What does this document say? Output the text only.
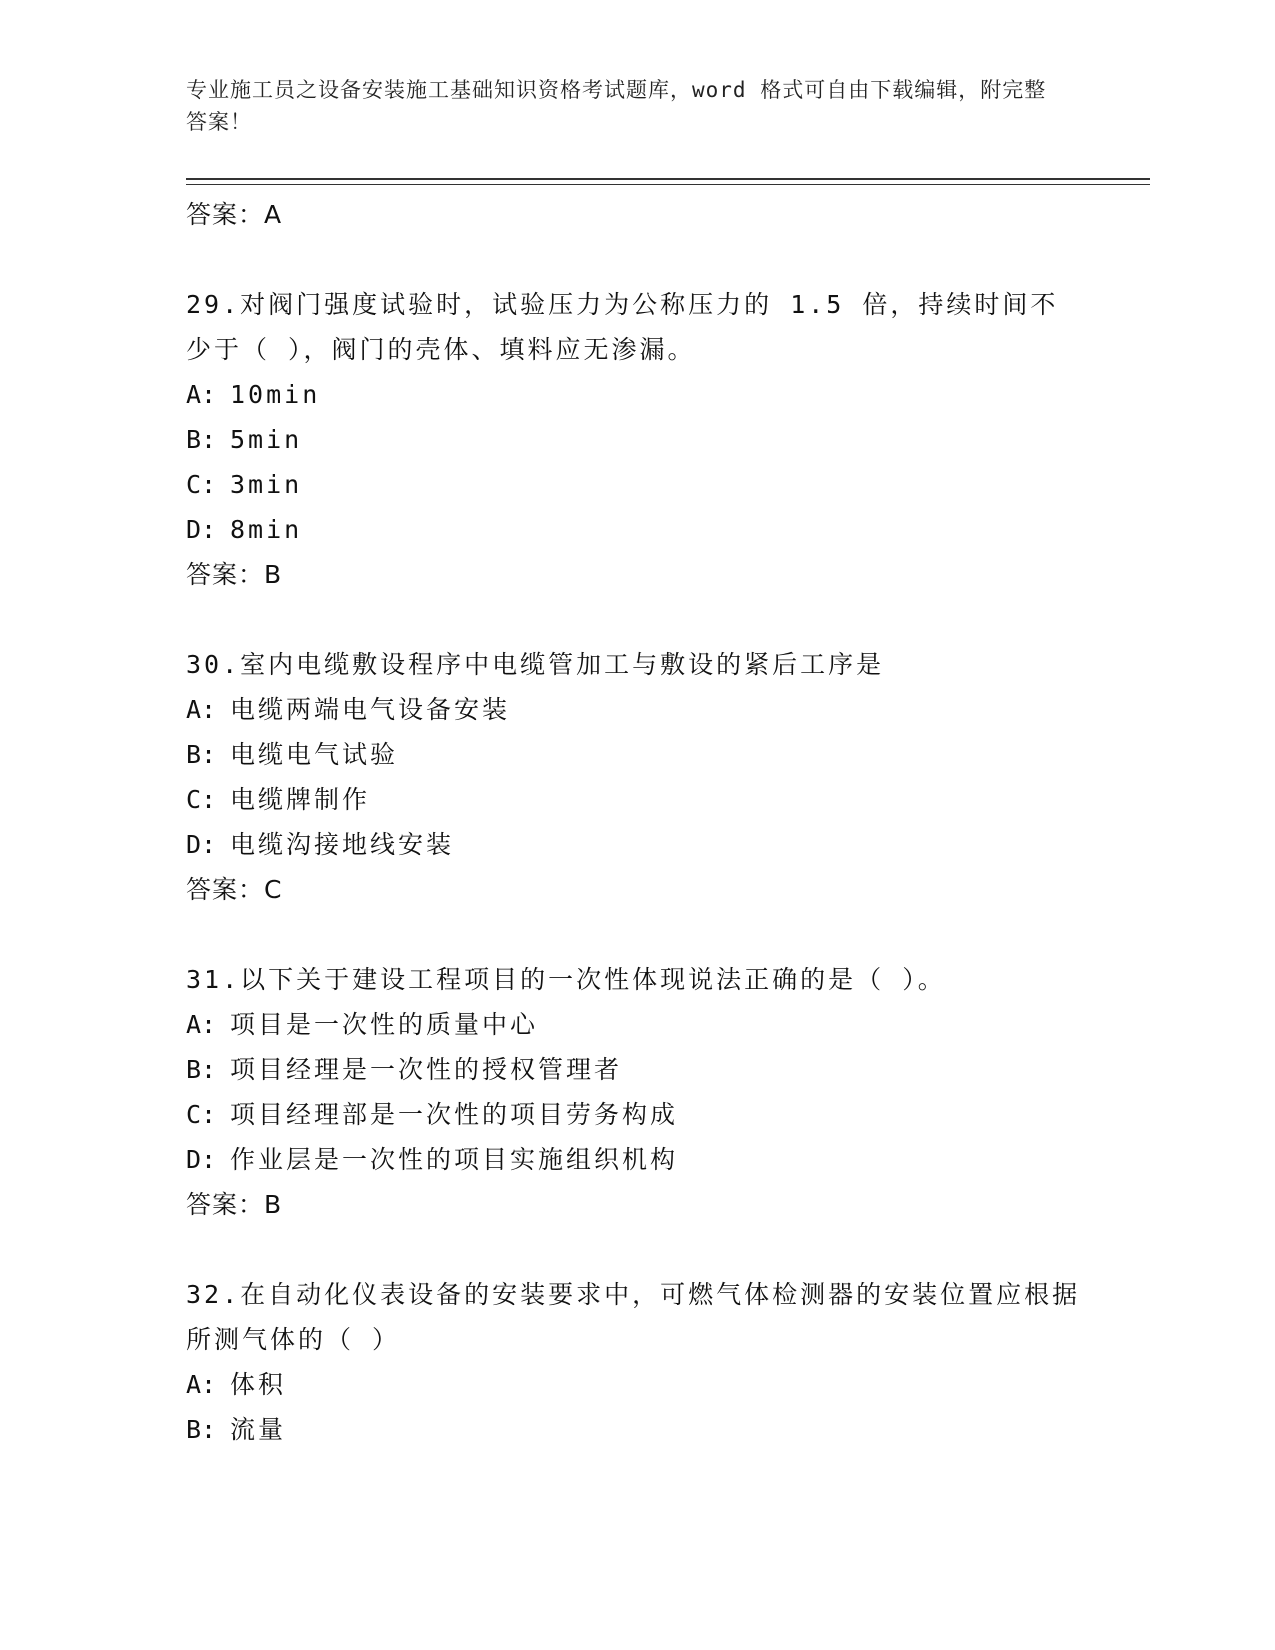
专业施工员之设备安装施工基础知识资格考试题库，word 格式可自由下载编辑，附完整答案！
答案：A
29.对阀门强度试验时，试验压力为公称压力的 1.5 倍，持续时间不少于（ ），阀门的壳体、填料应无渗漏。
A: 10min
B: 5min
C: 3min
D: 8min
答案：B
30.室内电缆敷设程序中电缆管加工与敷设的紧后工序是
A: 电缆两端电气设备安装
B: 电缆电气试验
C: 电缆牌制作
D: 电缆沟接地线安装
答案：C
31.以下关于建设工程项目的一次性体现说法正确的是（ ）。
A: 项目是一次性的质量中心
B: 项目经理是一次性的授权管理者
C: 项目经理部是一次性的项目劳务构成
D: 作业层是一次性的项目实施组织机构
答案：B
32.在自动化仪表设备的安装要求中，可燃气体检测器的安装位置应根据所测气体的（ ）
A: 体积
B: 流量
